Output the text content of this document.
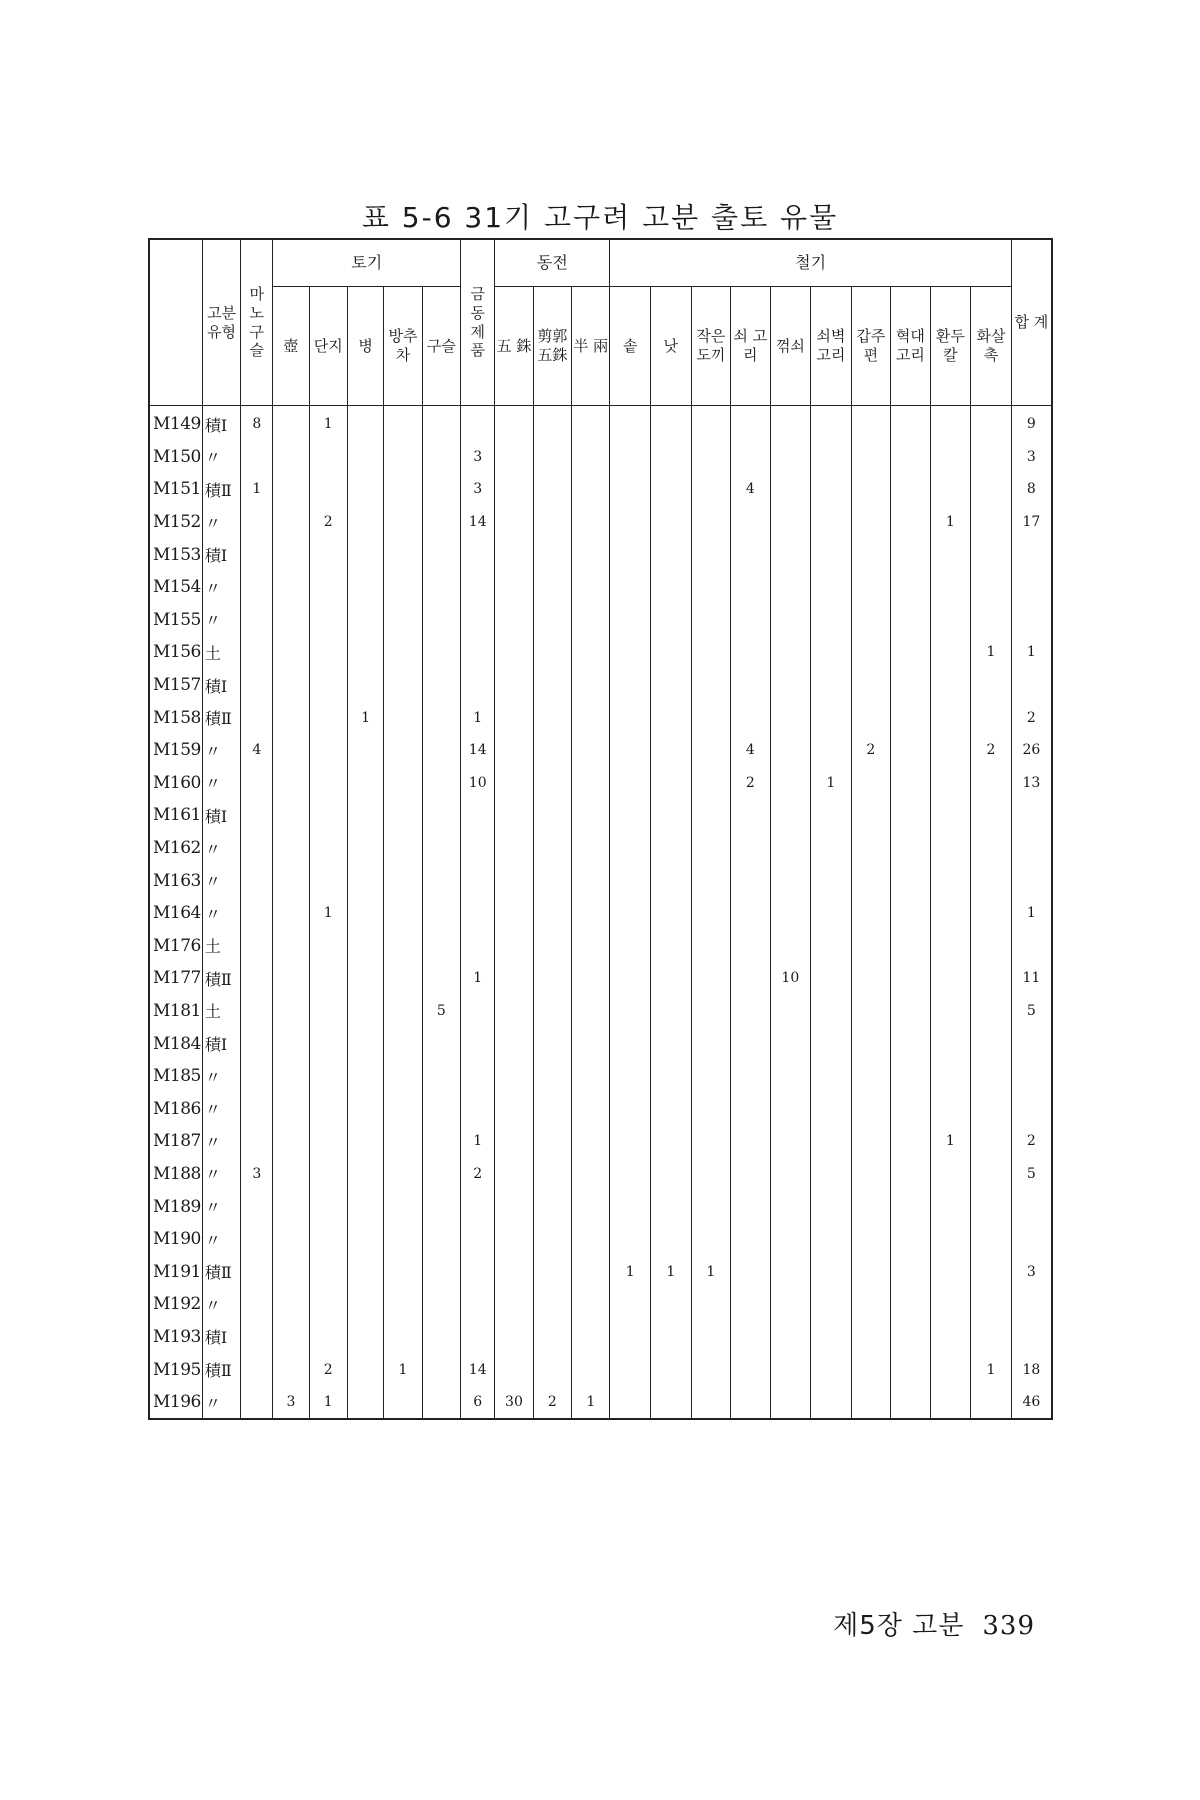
표 5-6 31기 고구려 고분 출토 유물
	고분 유형	마 노 구 슬	토기					금 동 제 품	동전			철기										합 계
			壺	단지	병	방추 차	구슬		五 銖	剪郭 五銖	半 兩	솥	낫	작은 도끼	쇠 고리	꺾쇠	쇠벽 고리	갑주 편	혁대 고리	환두 칼	화살 촉	
M149	積Ⅰ	8		1																		9
M150	〃							3														3
M151	積Ⅱ	1						3							4							8
M152	〃			2				14												1		17
M153	積Ⅰ																					
M154	〃																					
M155	〃																					
M156	土																				1	1
M157	積Ⅰ																					
M158	積Ⅱ				1			1														2
M159	〃	4						14							4			2			2	26
M160	〃							10							2		1					13
M161	積Ⅰ																					
M162	〃																					
M163	〃																					
M164	〃			1																		1
M176	土																					
M177	積Ⅱ							1								10						11
M181	土						5															5
M184	積Ⅰ																					
M185	〃																					
M186	〃																					
M187	〃							1												1		2
M188	〃	3						2														5
M189	〃																					
M190	〃																					
M191	積Ⅱ											1	1	1								3
M192	〃																					
M193	積Ⅰ																					
M195	積Ⅱ			2		1		14													1	18
M196	〃		3	1				6	30	2	1											46
제5장 고분 339
